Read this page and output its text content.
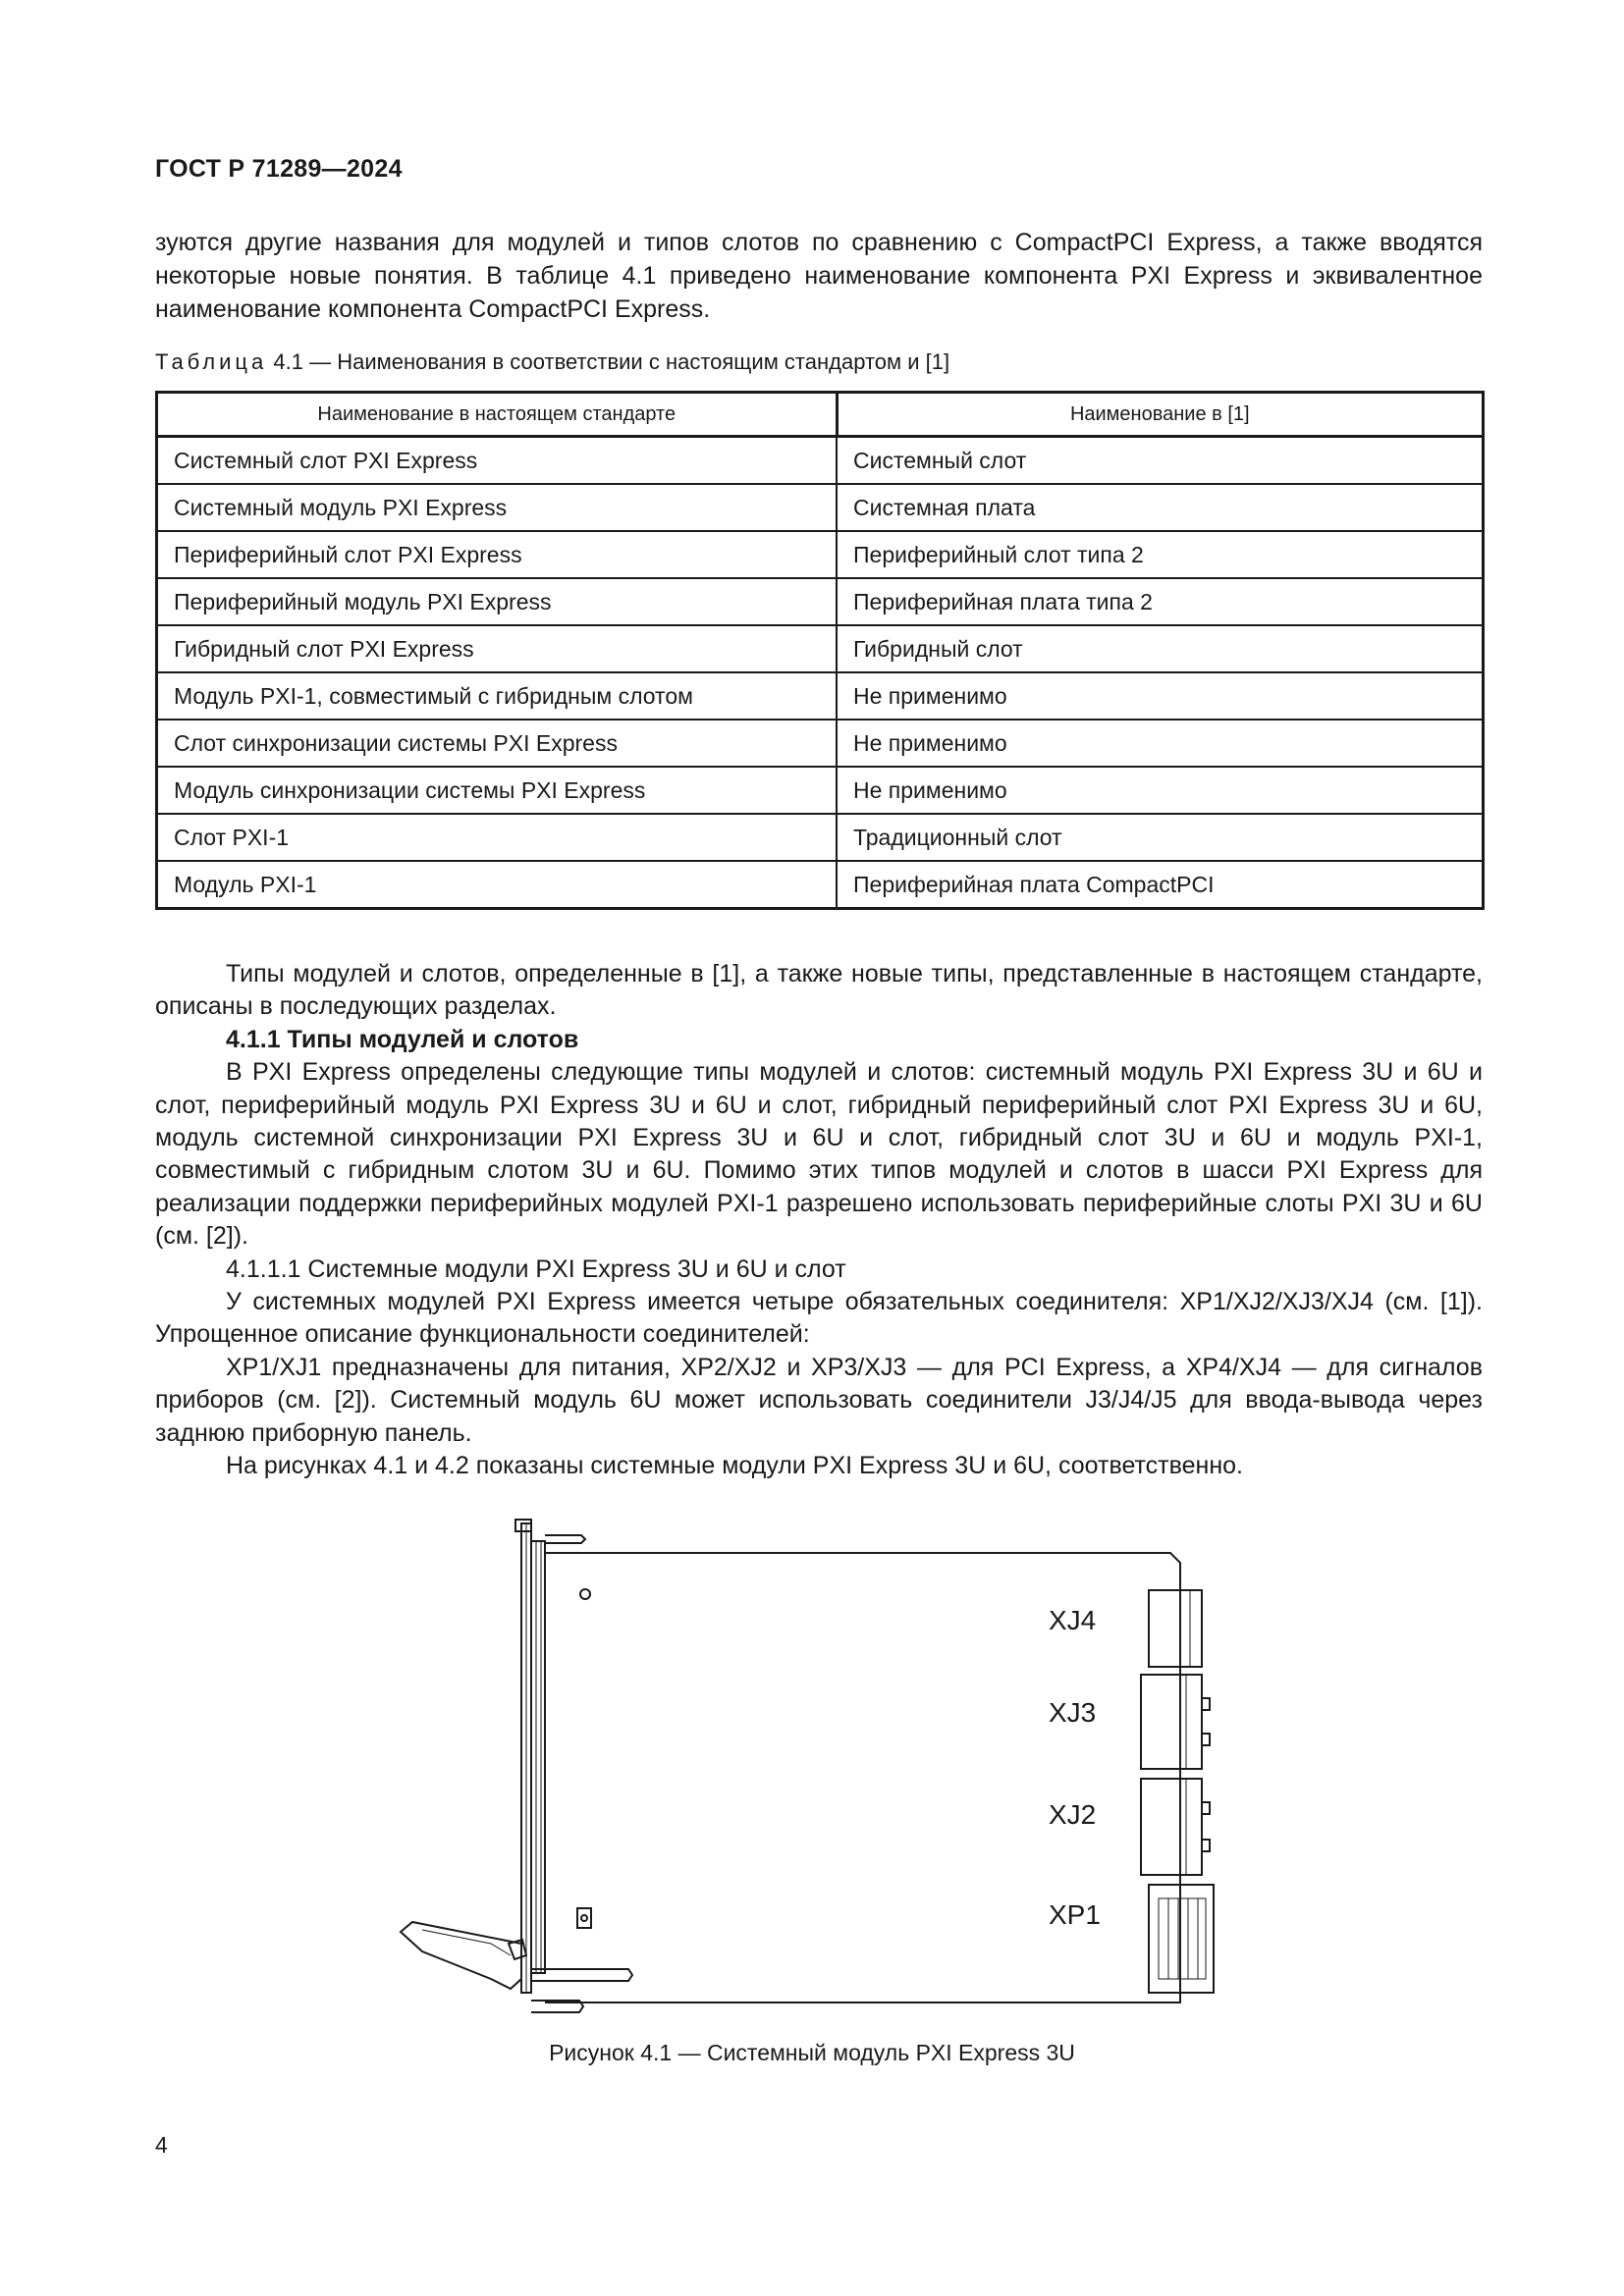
ГОСТ Р 71289—2024

зуются другие названия для модулей и типов слотов по сравнению с CompactPCI Express, а также вводятся некоторые новые понятия. В таблице 4.1 приведено наименование компонента PXI Express и эквивалентное наименование компонента CompactPCI Express.

Таблица 4.1 — Наименования в соответствии с настоящим стандартом и [1]
Наименование в настоящем стандарте	Наименование в [1]
Системный слот PXI Express	Системный слот
Системный модуль PXI Express	Системная плата
Периферийный слот PXI Express	Периферийный слот типа 2
Периферийный модуль PXI Express	Периферийная плата типа 2
Гибридный слот PXI Express	Гибридный слот
Модуль PXI-1, совместимый с гибридным слотом	Не применимо
Слот синхронизации системы PXI Express	Не применимо
Модуль синхронизации системы PXI Express	Не применимо
Слот PXI-1	Традиционный слот
Модуль PXI-1	Периферийная плата CompactPCI

Типы модулей и слотов, определенные в [1], а также новые типы, представленные в настоящем стандарте, описаны в последующих разделах.

4.1.1 Типы модулей и слотов

В PXI Express определены следующие типы модулей и слотов: системный модуль PXI Express 3U и 6U и слот, периферийный модуль PXI Express 3U и 6U и слот, гибридный периферийный слот PXI Express 3U и 6U, модуль системной синхронизации PXI Express 3U и 6U и слот, гибридный слот 3U и 6U и модуль PXI-1, совместимый с гибридным слотом 3U и 6U. Помимо этих типов модулей и слотов в шасси PXI Express для реализации поддержки периферийных модулей PXI-1 разрешено использовать периферийные слоты PXI 3U и 6U (см. [2]).

4.1.1.1 Системные модули PXI Express 3U и 6U и слот

У системных модулей PXI Express имеется четыре обязательных соединителя: XP1/XJ2/XJ3/XJ4 (см. [1]). Упрощенное описание функциональности соединителей:

XP1/XJ1 предназначены для питания, XP2/XJ2 и XP3/XJ3 — для PCI Express, а XP4/XJ4 — для сигналов приборов (см. [2]). Системный модуль 6U может использовать соединители J3/J4/J5 для ввода-вывода через заднюю приборную панель.

На рисунках 4.1 и 4.2 показаны системные модули PXI Express 3U и 6U, соответственно.

XJ4
XJ3
XJ2
XP1
Рисунок 4.1 — Системный модуль PXI Express 3U
4
